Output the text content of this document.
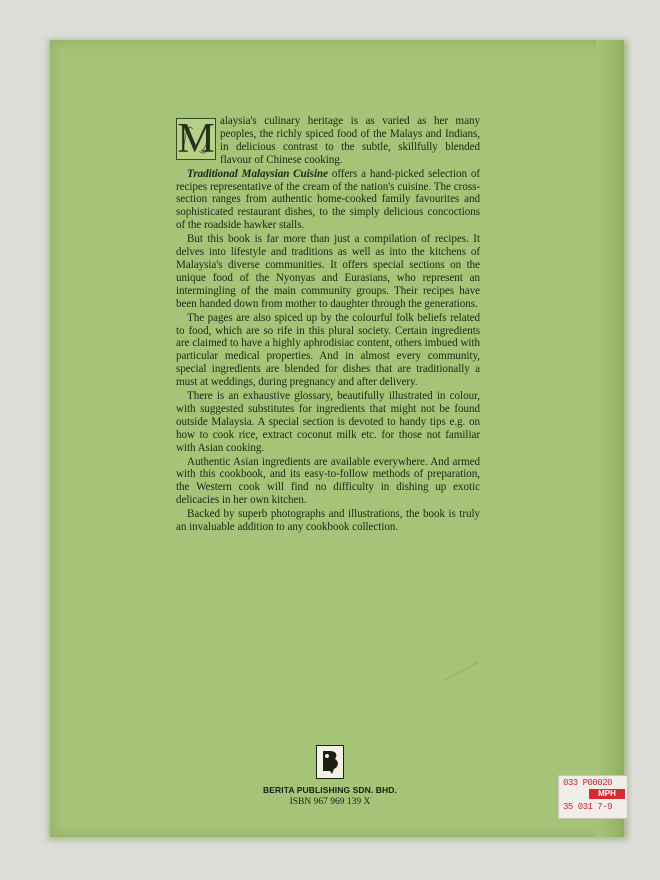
M alaysia's culinary heritage is as varied as her many peoples, the richly spiced food of the Malays and Indians, in delicious contrast to the subtle, skillfully blended flavour of Chinese cooking.

Traditional Malaysian Cuisine offers a hand-picked selection of recipes representative of the cream of the nation's cuisine. The cross-section ranges from authentic home-cooked family favourites and sophisticated restaurant dishes, to the simply delicious concoctions of the roadside hawker stalls.

But this book is far more than just a compilation of recipes. It delves into lifestyle and traditions as well as into the kitchens of Malaysia's diverse communities. It offers special sections on the unique food of the Nyonyas and Eurasians, who represent an intermingling of the main community groups. Their recipes have been handed down from mother to daughter through the generations.

The pages are also spiced up by the colourful folk beliefs related to food, which are so rife in this plural society. Certain ingredients are claimed to have a highly aphrodisiac content, others imbued with particular medical properties. And in almost every community, special ingredients are blended for dishes that are traditionally a must at weddings, during pregnancy and after delivery.

There is an exhaustive glossary, beautifully illustrated in colour, with suggested substitutes for ingredients that might not be found outside Malaysia. A special section is devoted to handy tips e.g. on how to cook rice, extract coconut milk etc. for those not familiar with Asian cooking.

Authentic Asian ingredients are available everywhere. And armed with this cookbook, and its easy-to-follow methods of preparation, the Western cook will find no difficulty in dishing up exotic delicacies in her own kitchen.

Backed by superb photographs and illustrations, the book is truly an invaluable addition to any cookbook collection.

BERITA PUBLISHING SDN. BHD.
ISBN 967 969 139 X
033 P00020
MPH
35 031 7-9
